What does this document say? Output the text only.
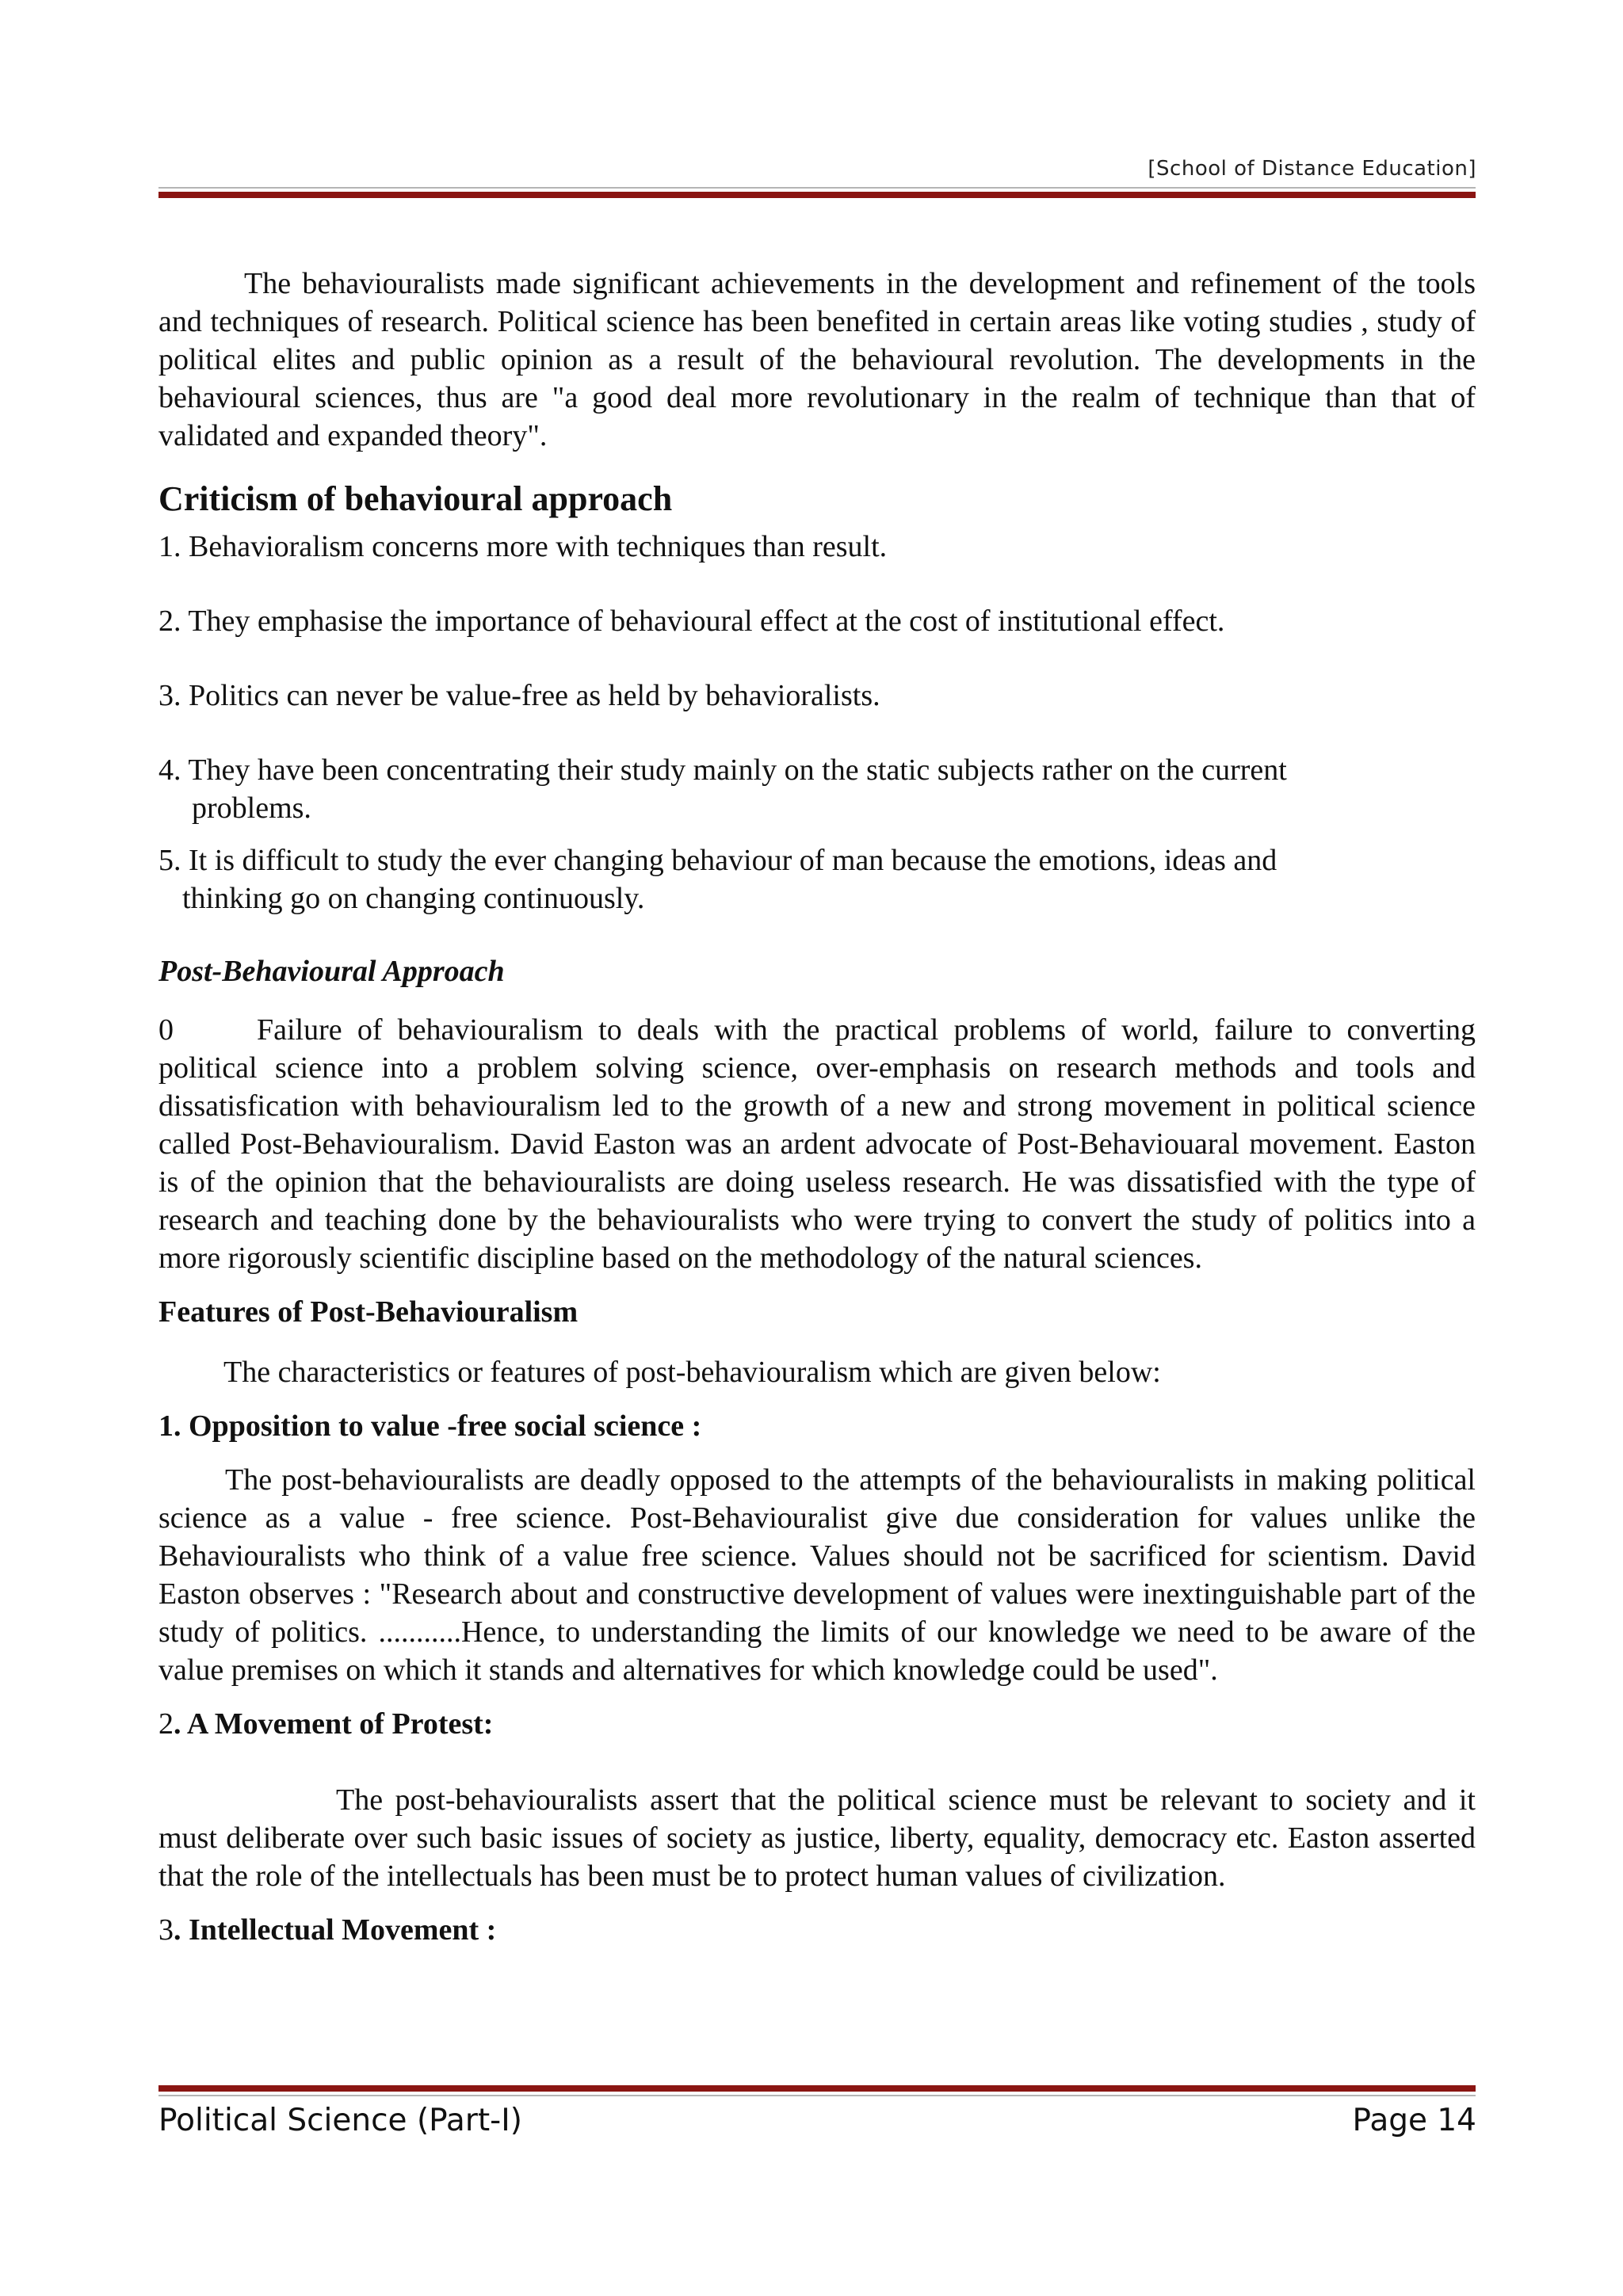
[School of Distance Education]

The behaviouralists made significant achievements in the development and refinement of the tools and techniques of research. Political science has been benefited in certain areas like voting studies , study of political elites and public opinion as a result of the behavioural revolution. The developments in the behavioural sciences, thus are "a good deal more revolutionary in the realm of technique than that of validated and expanded theory".

Criticism of behavioural approach

1. Behavioralism concerns more with techniques than result.

2. They emphasise the importance of behavioural effect at the cost of institutional effect.

3. Politics can never be value-free as held by behavioralists.

4. They have been concentrating their study mainly on the static subjects rather on the current

problems.

5. It is difficult to study the ever changing behaviour of man because the emotions, ideas and

thinking go on changing continuously.

Post-Behavioural Approach

0	Failure of behaviouralism to deals with the practical problems of world, failure to converting political science into a problem solving science, over-emphasis on research methods and tools and dissatisfication with behaviouralism led to the growth of a new and strong movement in political science called Post-Behaviouralism. David Easton was an ardent advocate of Post-Behaviouaral movement. Easton is of the opinion that the behaviouralists are doing useless research. He was dissatisfied with the type of research and teaching done by the behaviouralists who were trying to convert the study of politics into a more rigorously scientific discipline based on the methodology of the natural sciences.

Features of Post-Behaviouralism

The characteristics or features of post-behaviouralism which are given below:

1. Opposition to value -free social science :

The post-behaviouralists are deadly opposed to the attempts of the behaviouralists in making political science as a value - free science. Post-Behaviouralist give due consideration for values unlike the Behaviouralists who think of a value free science. Values should not be sacrificed for scientism. David Easton observes : "Research about and constructive development of values were inextinguishable part of the study of politics. ...........Hence, to understanding the limits of our knowledge we need to be aware of the value premises on which it stands and alternatives for which knowledge could be used".

2. A Movement of Protest:

The post-behaviouralists assert that the political science must be relevant to society and it must deliberate over such basic issues of society as justice, liberty, equality, democracy etc. Easton asserted that the role of the intellectuals has been must be to protect human values of civilization.

3. Intellectual Movement :

Political Science (Part-I)	Page 14
